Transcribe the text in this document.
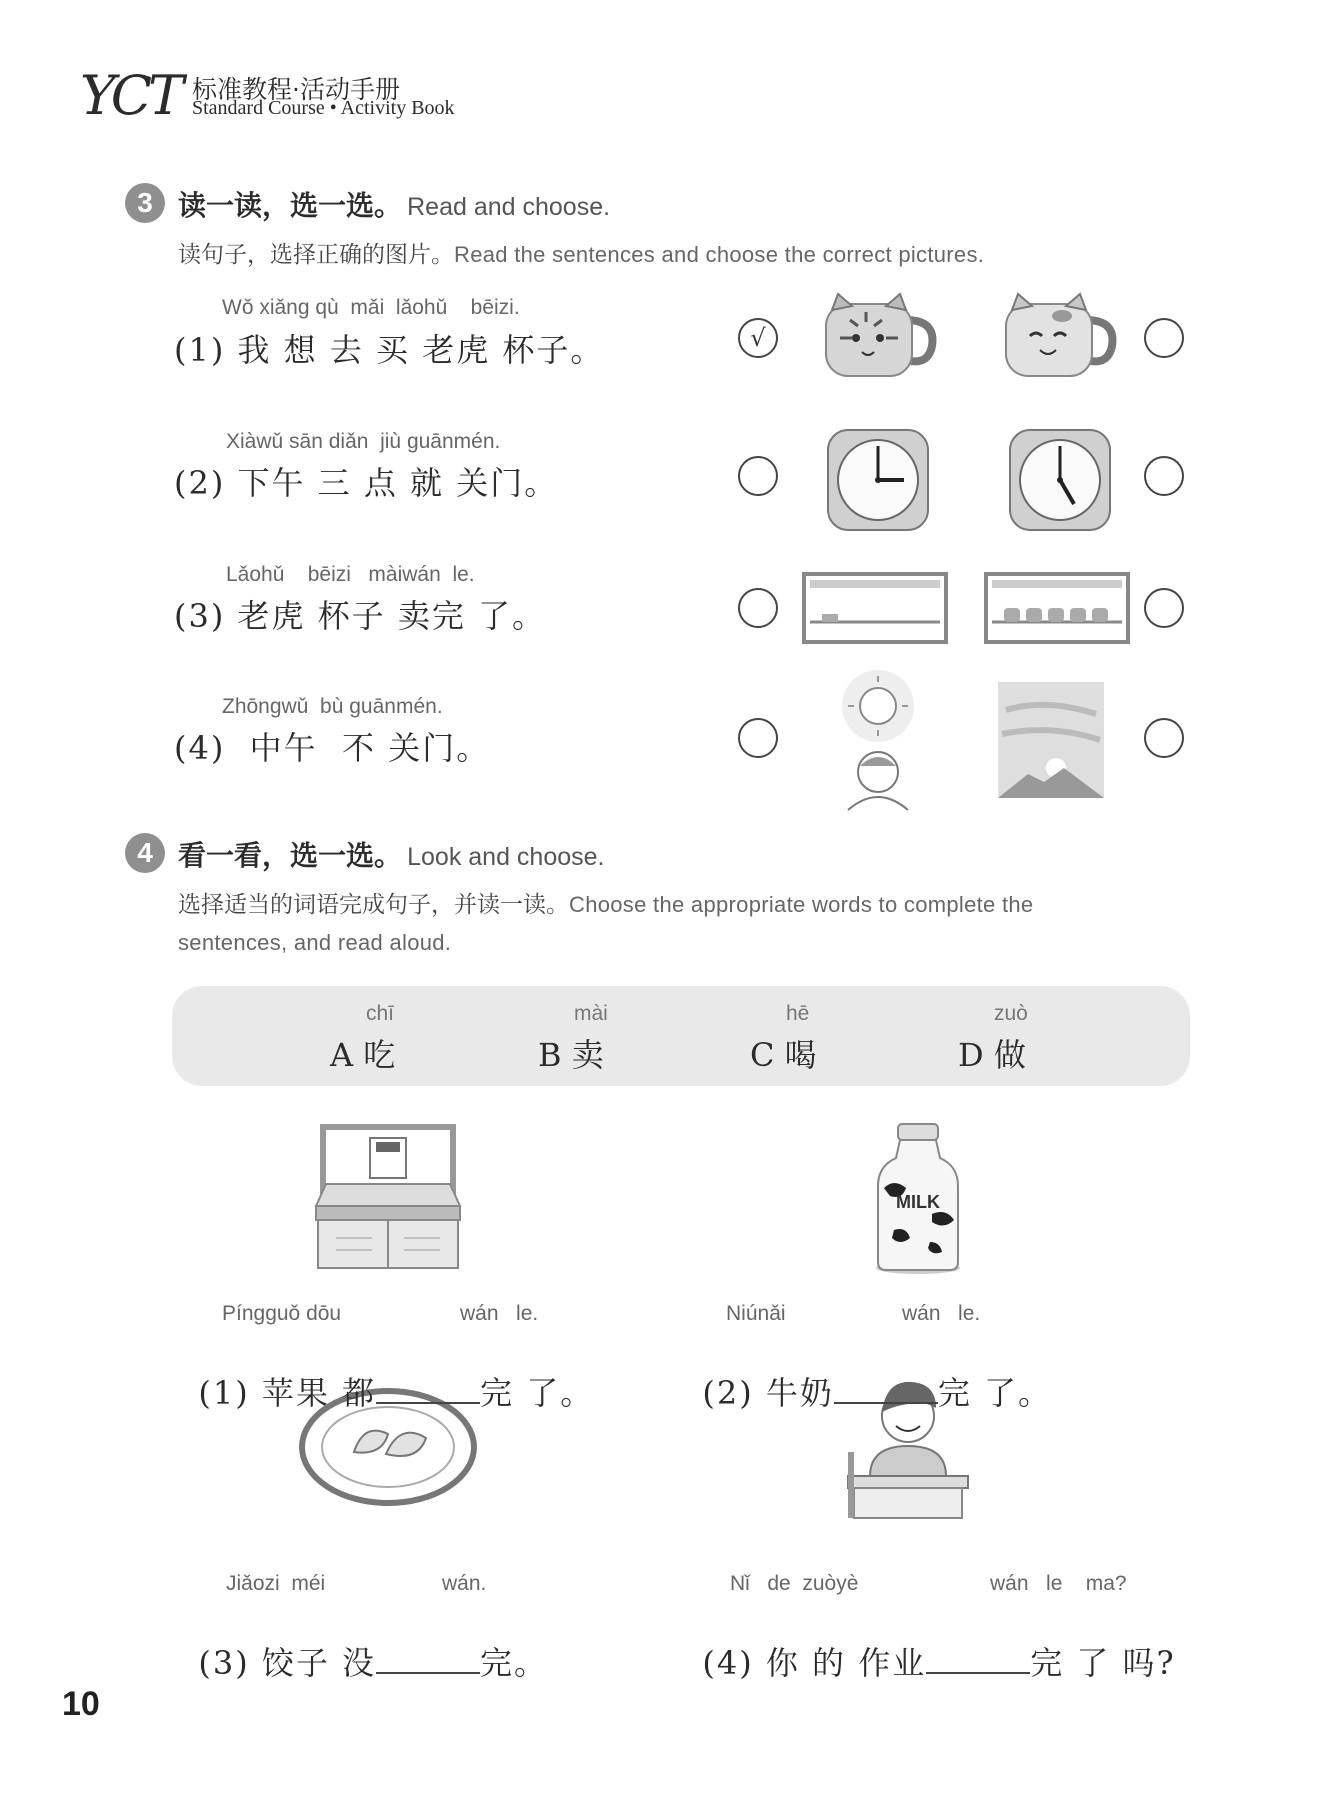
YCT 标准教程·活动手册
Standard Course • Activity Book
3 读一读，选一选。 Read and choose.
读句子，选择正确的图片。Read the sentences and choose the correct pictures.
Wǒ xiǎng qù  mǎi  lǎohǔ    bēizi.
(1) 我 想 去 买 老虎 杯子。	√
Xiàwǔ sān diǎn  jiù guānmén.
(2) 下午 三 点 就 关门。
Lǎohǔ    bēizi   màiwán  le.
(3) 老虎 杯子 卖完 了。
Zhōngwǔ  bù guānmén.
(4)  中午  不 关门。
4 看一看，选一选。 Look and choose.
选择适当的词语完成句子，并读一读。Choose the appropriate words to complete the
sentences, and read aloud.
chī
A 吃
mài
B 卖
hē
C 喝
zuò
D 做
MILK
Píngguǒ dōu	wán   le.

(1) 苹果 都	完 了。

Niúnǎi	wán   le.

(2) 牛奶	完 了。

Jiǎozi  méi	wán.

(3) 饺子 没	完。

Nǐ   de  zuòyè	wán   le    ma?

(4) 你 的 作业	完 了 吗?

10
